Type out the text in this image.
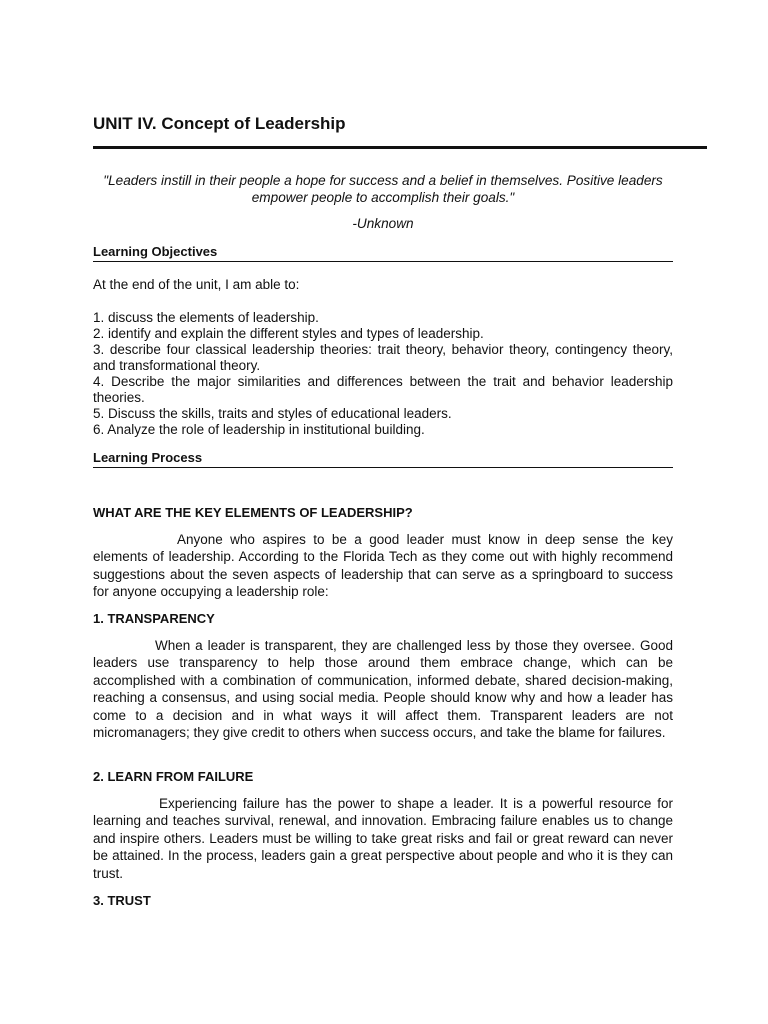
UNIT IV. Concept of Leadership

"Leaders instill in their people a hope for success and a belief in themselves. Positive leaders empower people to accomplish their goals."

-Unknown

Learning Objectives

At the end of the unit, I am able to:

1. discuss the elements of leadership.
2. identify and explain the different styles and types of leadership.
3. describe four classical leadership theories: trait theory, behavior theory, contingency theory, and transformational theory.
4. Describe the major similarities and differences between the trait and behavior leadership theories.
5. Discuss the skills, traits and styles of educational leaders.
6. Analyze the role of leadership in institutional building.
Learning Process
WHAT ARE THE KEY ELEMENTS OF LEADERSHIP?

Anyone who aspires to be a good leader must know in deep sense the key elements of leadership. According to the Florida Tech as they come out with highly recommend suggestions about the seven aspects of leadership that can serve as a springboard to success for anyone occupying a leadership role:

1. TRANSPARENCY

When a leader is transparent, they are challenged less by those they oversee. Good leaders use transparency to help those around them embrace change, which can be accomplished with a combination of communication, informed debate, shared decision-making, reaching a consensus, and using social media. People should know why and how a leader has come to a decision and in what ways it will affect them. Transparent leaders are not micromanagers; they give credit to others when success occurs, and take the blame for failures.

2. LEARN FROM FAILURE

Experiencing failure has the power to shape a leader. It is a powerful resource for learning and teaches survival, renewal, and innovation. Embracing failure enables us to change and inspire others. Leaders must be willing to take great risks and fail or great reward can never be attained. In the process, leaders gain a great perspective about people and who it is they can trust.

3. TRUST
